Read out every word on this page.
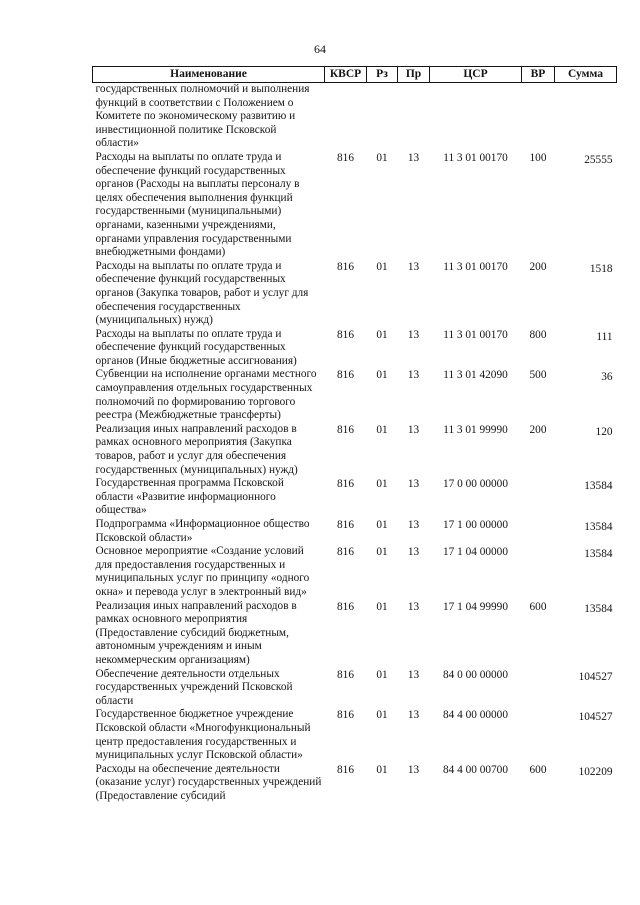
64
Наименование	КВСР	Рз	Пр	ЦСР	ВР	Сумма
государственных полномочий и выполнения функций в соответствии с Положением о Комитете по экономическому развитию и инвестиционной политике Псковской области»						
Расходы на выплаты по оплате труда и обеспечение функций государственных органов (Расходы на выплаты персоналу в целях обеспечения выполнения функций государственными (муниципальными) органами, казенными учреждениями, органами управления государственными внебюджетными фондами)	816	01	13	11 3 01 00170	100	25555
Расходы на выплаты по оплате труда и обеспечение функций государственных органов (Закупка товаров, работ и услуг для обеспечения государственных (муниципальных) нужд)	816	01	13	11 3 01 00170	200	1518
Расходы на выплаты по оплате труда и обеспечение функций государственных органов (Иные бюджетные ассигнования)	816	01	13	11 3 01 00170	800	111
Субвенции на исполнение органами местного самоуправления отдельных государственных полномочий по формированию торгового реестра (Межбюджетные трансферты)	816	01	13	11 3 01 42090	500	36
Реализация иных направлений расходов в рамках основного мероприятия (Закупка товаров, работ и услуг для обеспечения государственных (муниципальных) нужд)	816	01	13	11 3 01 99990	200	120
Государственная программа Псковской области «Развитие информационного общества»	816	01	13	17 0 00 00000		13584
Подпрограмма «Информационное общество Псковской области»	816	01	13	17 1 00 00000		13584
Основное мероприятие «Создание условий для предоставления государственных и муниципальных услуг по принципу «одного окна» и перевода услуг в электронный вид»	816	01	13	17 1 04 00000		13584
Реализация иных направлений расходов в рамках основного мероприятия (Предоставление субсидий бюджетным, автономным учреждениям и иным некоммерческим организациям)	816	01	13	17 1 04 99990	600	13584
Обеспечение деятельности отдельных государственных учреждений Псковской области	816	01	13	84 0 00 00000		104527
Государственное бюджетное учреждение Псковской области «Многофункциональный центр предоставления государственных и муниципальных услуг Псковской области»	816	01	13	84 4 00 00000		104527
Расходы на обеспечение деятельности (оказание услуг) государственных учреждений (Предоставление субсидий	816	01	13	84 4 00 00700	600	102209
